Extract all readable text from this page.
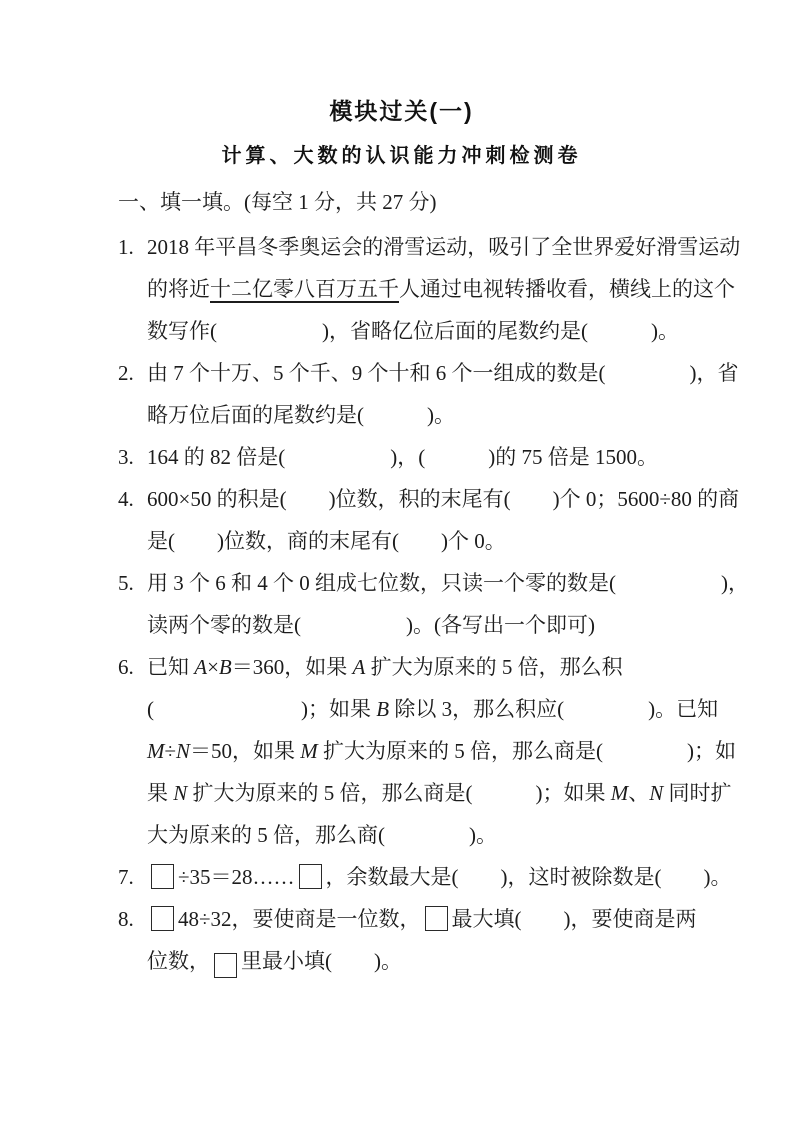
模块过关(一)
计算、大数的认识能力冲刺检测卷
一、填一填。(每空 1 分，共 27 分)
1. 2018 年平昌冬季奥运会的滑雪运动，吸引了全世界爱好滑雪运动
的将近十二亿零八百万五千人通过电视转播收看，横线上的这个
数写作(　　　　　)，省略亿位后面的尾数约是(　　　)。
2. 由 7 个十万、5 个千、9 个十和 6 个一组成的数是(　　　　)，省
略万位后面的尾数约是(　　　)。
3. 164 的 82 倍是(　　　　　)，(　　　)的 75 倍是 1500。
4. 600×50 的积是(　　)位数，积的末尾有(　　)个 0；5600÷80 的商
是(　　)位数，商的末尾有(　　)个 0。
5. 用 3 个 6 和 4 个 0 组成七位数，只读一个零的数是(　　　　　)，
读两个零的数是(　　　　　)。(各写出一个即可)
6. 已知 A×B＝360，如果 A 扩大为原来的 5 倍，那么积
(　　　　　　　)；如果 B 除以 3，那么积应(　　　　)。已知
M÷N＝50，如果 M 扩大为原来的 5 倍，那么商是(　　　　)；如
果 N 扩大为原来的 5 倍，那么商是(　　　)；如果 M、N 同时扩
大为原来的 5 倍，那么商(　　　　)。
7.	÷35＝28…… ，余数最大是(　　)，这时被除数是(　　)。
8.	48÷32，要使商是一位数， 最大填(　　)，要使商是两
位数， 里最小填(　　)。
